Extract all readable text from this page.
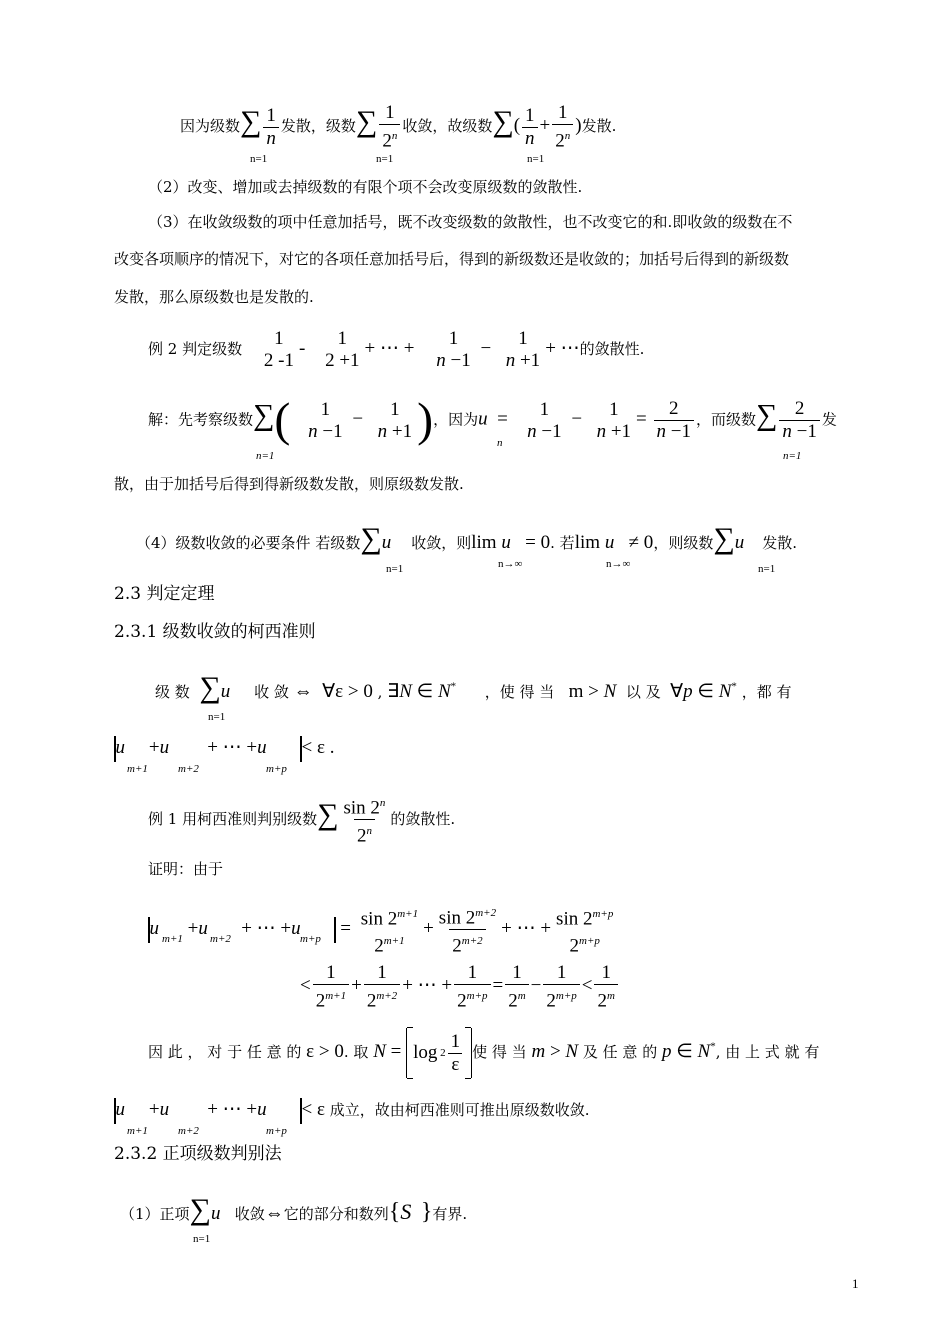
因为级数∑ $\frac{1}{n}$ 发散，级数∑ $\frac{1}{2^n}$ 收敛，故级数∑( $\frac{1}{n} + \frac{1}{2^n}$ )发散.
n=1	n=1	n=1
（2）改变、增加或去掉级数的有限个项不会改变原级数的敛散性.
（3）在收敛级数的项中任意加括号，既不改变级数的敛散性，也不改变它的和.即收敛的级数在不
改变各项顺序的情况下，对它的各项任意加括号后，得到的新级数还是收敛的；加括号后得到的新级数
发散，那么原级数也是发散的.
例 2 判定级数 1
2 -1
- 1
2 +1
+ ⋯ + 1
n −1
− 1
n +1
+ ⋯的敛散性.
解：先考察级数∑( 1
n −1
− 1
n +1 )，因为u  = 1
n −1
− 1
n +1
= $\frac{2}{n -1}$ ，而级数∑ $\frac{2}{n -1}$ 发
n=1
n
n=1
散，由于加括号后得到得新级数发散，则原级数发散.
（4）级数收敛的必要条件 若级数∑u 收敛，则lim u = 0. 若lim u ≠ 0，则级数∑u 发散.
n=1	n→∞	n→∞	n=1
2.3 判定定理
2.3.1 级数收敛的柯西准则
级 数 ∑u 收 敛 ⇔  ∀ε > 0 , ∃N ∈ N* ，使 得 当 m > N 以 及 ∀p ∈ N* ，都 有
n=1
u +u + ⋯ +u < ε .
m+1	m+2	m+p
例 1 用柯西准则判别级数∑ $\frac{\sin 2^n}{2^n}$ 的敛散性.
证明：由于
u +u + ⋯ +u        = $\sin 2^{m+1}$
$2^{m+1}$
+ $\frac{\sin 2^{m+2}}{2^{m+2}}$ + ⋯ + $\sin 2^{m+p}$
$2^{m+p}$
m+1 m+2	m+p
< $\frac{1}{2^{m+1}} + \frac{1}{2^{m+2}}$ + ⋯ + $\frac{1}{2^{m+p}} = \frac{1}{2^m} - \frac{1}{2^{m+p}} < \frac{1}{2^m}$
因 此 ， 对 于 任 意 的 ε > 0. 取 $N = \log 2 \frac{1}{\varepsilon}$ 使 得 当 m > N 及 任 意 的 p ∈ N*, 由 上 式 就 有
u +u + ⋯ +u < ε 成立，故由柯西准则可推出原级数收敛.
m+1	m+2	m+p
2.3.2 正项级数判别法
（1）正项∑u 收敛⇔它的部分和数列{S }有界.
n=1
1
